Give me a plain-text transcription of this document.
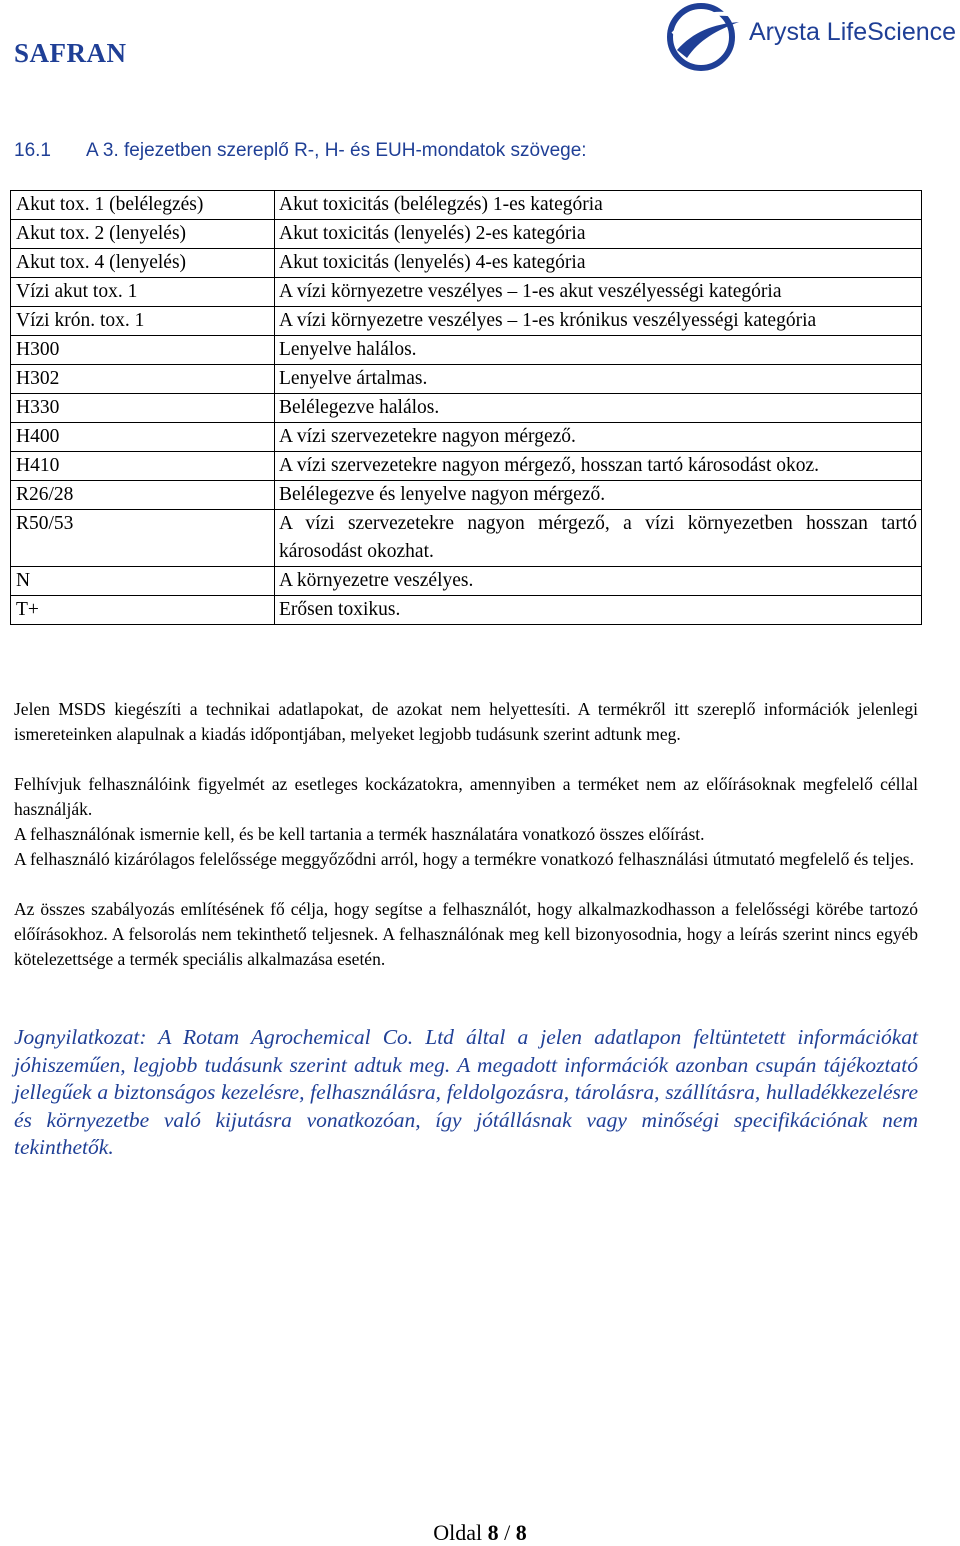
SAFRAN
Arysta LifeScience
16.1 A 3. fejezetben szereplő R-, H- és EUH-mondatok szövege:
Akut tox. 1 (belélegzés)	Akut toxicitás (belélegzés) 1-es kategória
Akut tox. 2 (lenyelés)	Akut toxicitás (lenyelés) 2-es kategória
Akut tox. 4 (lenyelés)	Akut toxicitás (lenyelés) 4-es kategória
Vízi akut tox. 1	A vízi környezetre veszélyes – 1-es akut veszélyességi kategória
Vízi krón. tox. 1	A vízi környezetre veszélyes – 1-es krónikus veszélyességi kategória
H300	Lenyelve halálos.
H302	Lenyelve ártalmas.
H330	Belélegezve halálos.
H400	A vízi szervezetekre nagyon mérgező.
H410	A vízi szervezetekre nagyon mérgező, hosszan tartó károsodást okoz.
R26/28	Belélegezve és lenyelve nagyon mérgező.
R50/53	A vízi szervezetekre nagyon mérgező, a vízi környezetben hosszan tartó károsodást okozhat.
N	A környezetre veszélyes.
T+	Erősen toxikus.

Jelen MSDS kiegészíti a technikai adatlapokat, de azokat nem helyettesíti. A termékről itt szereplő információk jelenlegi ismereteinken alapulnak a kiadás időpontjában, melyeket legjobb tudásunk szerint adtunk meg.

Felhívjuk felhasználóink figyelmét az esetleges kockázatokra, amennyiben a terméket nem az előírásoknak megfelelő céllal használják.

A felhasználónak ismernie kell, és be kell tartania a termék használatára vonatkozó összes előírást.

A felhasználó kizárólagos felelőssége meggyőződni arról, hogy a termékre vonatkozó felhasználási útmutató megfelelő és teljes.

Az összes szabályozás említésének fő célja, hogy segítse a felhasználót, hogy alkalmazkodhasson a felelősségi körébe tartozó előírásokhoz. A felsorolás nem tekinthető teljesnek. A felhasználónak meg kell bizonyosodnia, hogy a leírás szerint nincs egyéb kötelezettsége a termék speciális alkalmazása esetén.

Jognyilatkozat: A Rotam Agrochemical Co. Ltd által a jelen adatlapon feltüntetett információkat jóhiszeműen, legjobb tudásunk szerint adtuk meg. A megadott információk azonban csupán tájékoztató jellegűek a biztonságos kezelésre, felhasználásra, feldolgozásra, tárolásra, szállításra, hulladékkezelésre és környezetbe való kijutásra vonatkozóan, így jótállásnak vagy minőségi specifikációnak nem tekinthetők.

Oldal 8 / 8
